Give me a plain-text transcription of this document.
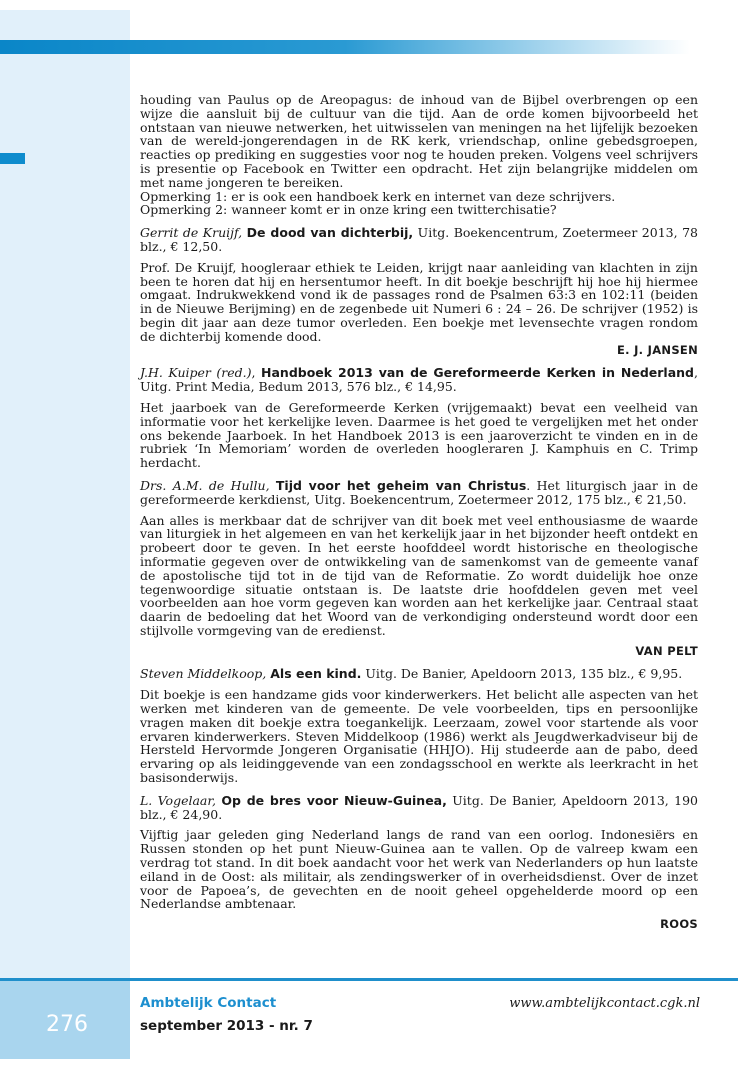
houding van Paulus op de Areopagus: de inhoud van de Bijbel overbrengen op een wijze die aansluit bij de cultuur van die tijd. Aan de orde komen bijvoorbeeld het ontstaan van nieuwe netwerken, het uitwisselen van meningen na het lijfelijk bezoeken van de wereld-jongerendagen in de RK kerk, vriendschap, online gebedsgroepen, reacties op prediking en suggesties voor nog te houden preken. Volgens veel schrijvers is presentie op Facebook en Twitter een opdracht. Het zijn belangrijke middelen om met name jongeren te bereiken.

Opmerking 1: er is ook een handboek kerk en internet van deze schrijvers.

Opmerking 2: wanneer komt er in onze kring een twitterchisatie?

Gerrit de Kruijf, De dood van dichterbij, Uitg. Boekencentrum, Zoetermeer 2013, 78 blz., € 12,50.

Prof. De Kruijf, hoogleraar ethiek te Leiden, krijgt naar aanleiding van klachten in zijn been te horen dat hij en hersentumor heeft. In dit boekje beschrijft hij hoe hij hiermee omgaat. Indrukwekkend vond ik de passages rond de Psalmen 63:3 en 102:11 (beiden in de Nieuwe Berijming) en de zegenbede uit Numeri 6 : 24 – 26. De schrijver (1952) is begin dit jaar aan deze tumor overleden. Een boekje met levensechte vragen rondom de dichterbij komende dood.

E. J. JANSEN

J.H. Kuiper (red.), Handboek 2013 van de Gereformeerde Kerken in Nederland, Uitg. Print Media, Bedum 2013, 576 blz., € 14,95.

Het jaarboek van de Gereformeerde Kerken (vrijgemaakt) bevat een veelheid van informatie voor het kerkelijke leven. Daarmee is het goed te vergelijken met het onder ons bekende Jaarboek. In het Handboek 2013 is een jaaroverzicht te vinden en in de rubriek ‘In Memoriam’ worden de overleden hoogleraren J. Kamphuis en C. Trimp herdacht.

Drs. A.M. de Hullu, Tijd voor het geheim van Christus. Het liturgisch jaar in de gereformeerde kerkdienst, Uitg. Boekencentrum, Zoetermeer 2012, 175 blz., € 21,50.

Aan alles is merkbaar dat de schrijver van dit boek met veel enthousiasme de waarde van liturgiek in het algemeen en van het kerkelijk jaar in het bijzonder heeft ontdekt en probeert door te geven. In het eerste hoofddeel wordt historische en theologische informatie gegeven over de ontwikkeling van de samenkomst van de gemeente vanaf de apostolische tijd tot in de tijd van de Reformatie. Zo wordt duidelijk hoe onze tegenwoordige situatie ontstaan is. De laatste drie hoofddelen geven met veel voorbeelden aan hoe vorm gegeven kan worden aan het kerkelijke jaar. Centraal staat daarin de bedoeling dat het Woord van de verkondiging ondersteund wordt door een stijlvolle vormgeving van de eredienst.

VAN PELT

Steven Middelkoop, Als een kind. Uitg. De Banier, Apeldoorn 2013, 135 blz., € 9,95.

Dit boekje is een handzame gids voor kinderwerkers. Het belicht alle aspecten van het werken met kinderen van de gemeente. De vele voorbeelden, tips en persoonlijke vragen maken dit boekje extra toegankelijk. Leerzaam, zowel voor startende als voor ervaren kinderwerkers. Steven Middelkoop (1986) werkt als Jeugdwerkadviseur bij de Hersteld Hervormde Jongeren Organisatie (HHJO). Hij studeerde aan de pabo, deed ervaring op als leidinggevende van een zondagsschool en werkte als leerkracht in het basisonderwijs.

L. Vogelaar, Op de bres voor Nieuw-Guinea, Uitg. De Banier, Apeldoorn 2013, 190 blz., € 24,90.

Vijftig jaar geleden ging Nederland langs de rand van een oorlog. Indonesiërs en Russen stonden op het punt Nieuw-Guinea aan te vallen. Op de valreep kwam een verdrag tot stand. In dit boek aandacht voor het werk van Nederlanders op hun laatste eiland in de Oost: als militair, als zendingswerker of in overheidsdienst. Over de inzet voor de Papoea’s, de gevechten en de nooit geheel opgehelderde moord op een Nederlandse ambtenaar.

ROOS

276
Ambtelijk Contact
september 2013 - nr. 7
www.ambtelijkcontact.cgk.nl
